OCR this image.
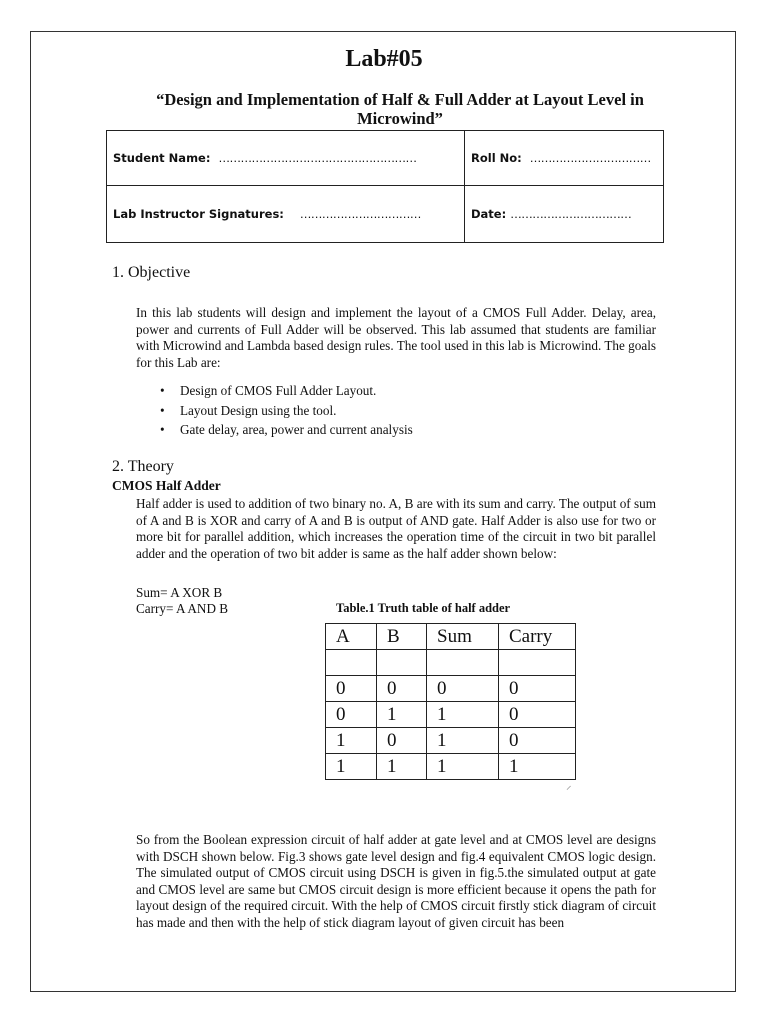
Lab#05
“Design and Implementation of Half & Full Adder at Layout Level in Microwind”
Student Name: ………………………………………………	Roll No: ……………………………
Lab Instructor Signatures: ……………………………	Date: ……………………………
1. Objective
In this lab students will design and implement the layout of a CMOS Full Adder. Delay, area, power and currents of Full Adder will be observed. This lab assumed that students are familiar with Microwind and Lambda based design rules. The tool used in this lab is Microwind. The goals for this Lab are:
• Design of CMOS Full Adder Layout.
• Layout Design using the tool.
• Gate delay, area, power and current analysis
2. Theory
CMOS Half Adder
Half adder is used to addition of two binary no. A, B are with its sum and carry. The output of sum of A and B is XOR and carry of A and B is output of AND gate. Half Adder is also use for two or more bit for parallel addition, which increases the operation time of the circuit in two bit parallel adder and the operation of two bit adder is same as the half adder shown below:
Sum= A XOR B
Carry= A AND B	Table.1 Truth table of half adder
A	B	Sum	Carry

0	0	0	0
0	1	1	0
1	0	1	0
1	1	1	1
⸝
So from the Boolean expression circuit of half adder at gate level and at CMOS level are designs with DSCH shown below. Fig.3 shows gate level design and fig.4 equivalent CMOS logic design. The simulated output of CMOS circuit using DSCH is given in fig.5.the simulated output at gate and CMOS level are same but CMOS circuit design is more efficient because it opens the path for layout design of the required circuit. With the help of CMOS circuit firstly stick diagram of circuit has made and then with the help of stick diagram layout of given circuit has been
